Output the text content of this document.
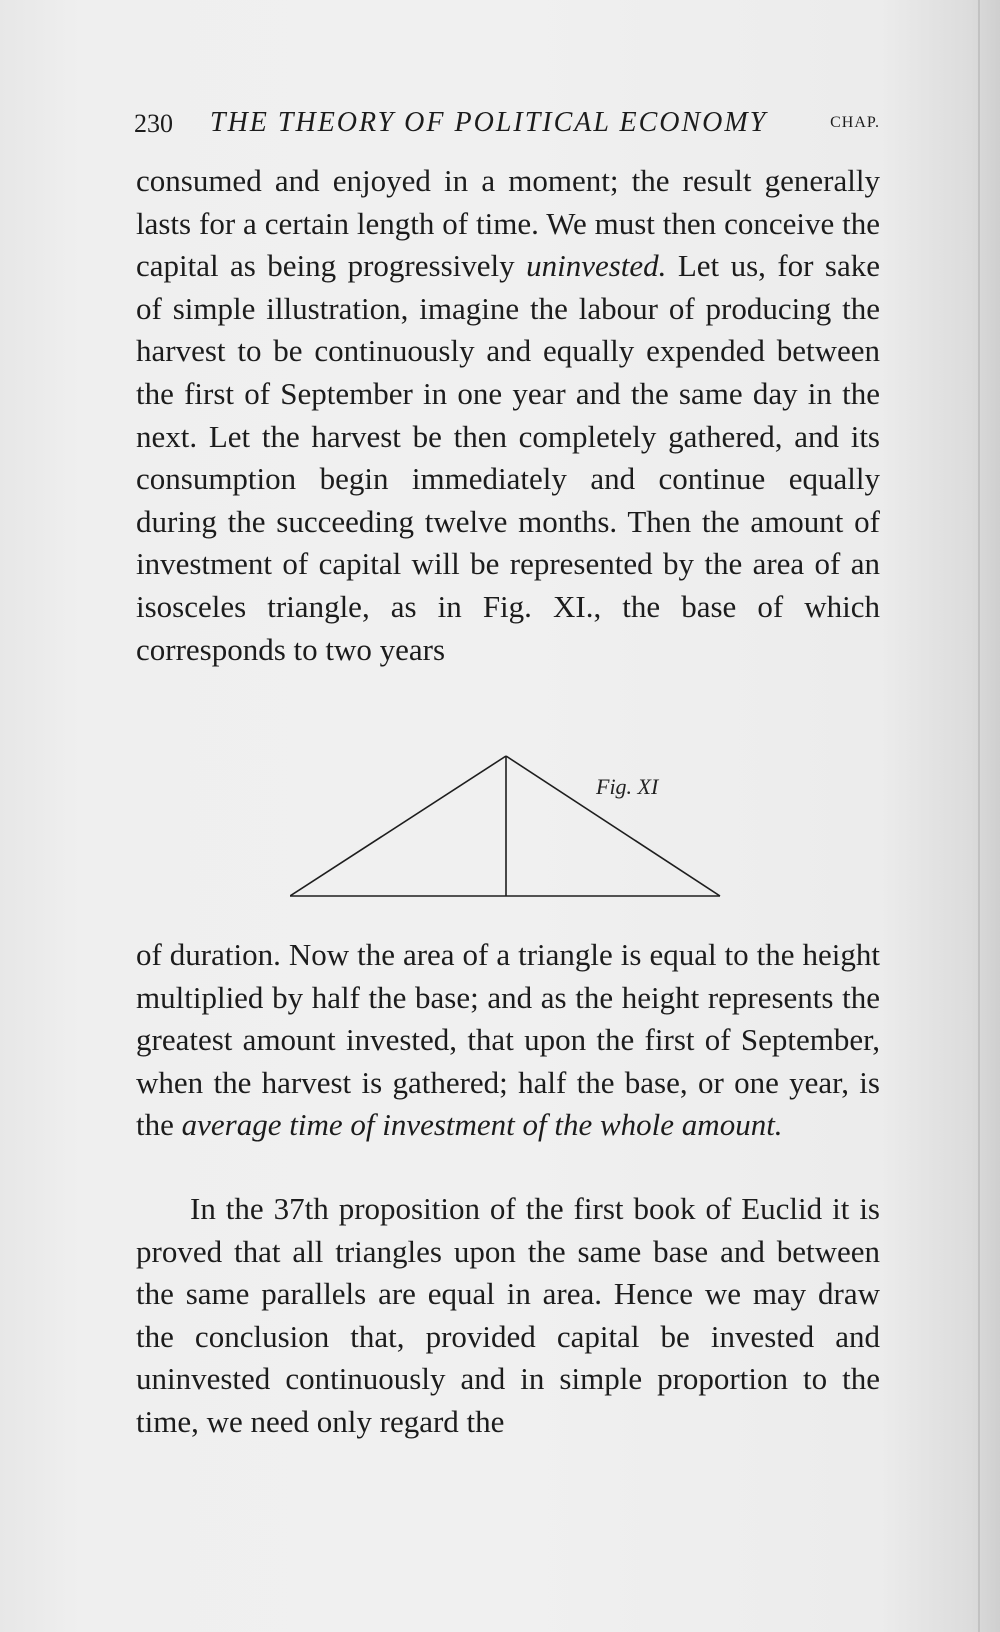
230 THE THEORY OF POLITICAL ECONOMY	CHAP.

consumed and enjoyed in a moment; the result generally lasts for a certain length of time. We must then conceive the capital as being progressively uninvested. Let us, for sake of simple illustration, imagine the labour of producing the harvest to be continuously and equally expended between the first of September in one year and the same day in the next. Let the harvest be then completely gathered, and its consumption begin immediately and continue equally during the succeeding twelve months. Then the amount of investment of capital will be represented by the area of an isosceles triangle, as in Fig. XI., the base of which corresponds to two years

Fig. XI

of duration. Now the area of a triangle is equal to the height multiplied by half the base; and as the height represents the greatest amount invested, that upon the first of September, when the harvest is gathered; half the base, or one year, is the average time of investment of the whole amount.

In the 37th proposition of the first book of Euclid it is proved that all triangles upon the same base and between the same parallels are equal in area. Hence we may draw the conclusion that, provided capital be invested and uninvested continuously and in simple proportion to the time, we need only regard the
